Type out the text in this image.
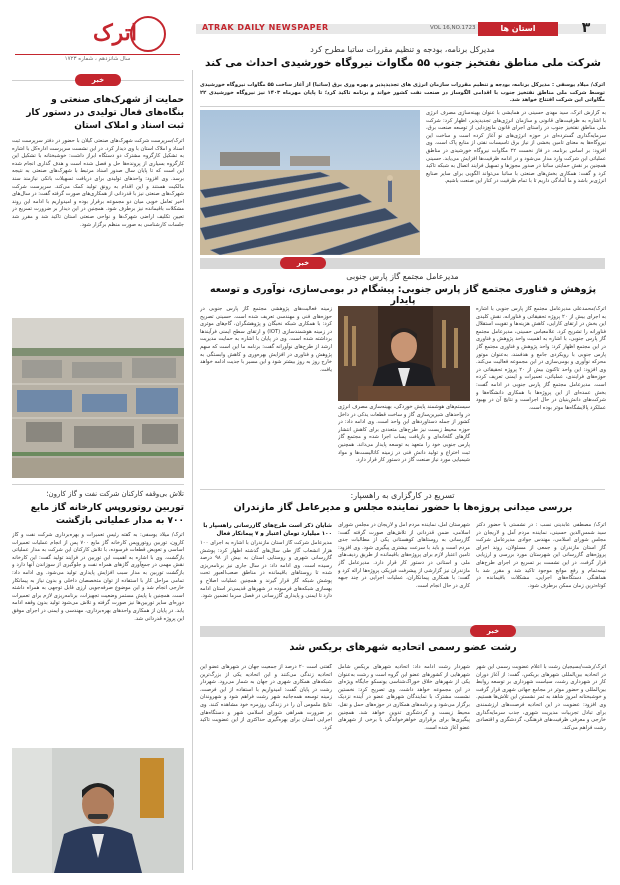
ATRAK DAILY NEWSPAPER	VOL 16,NO.1723	استان ها	۳
اترک
سال شانزدهم ، شماره ۱۷۲۳
مدیرکل برنامه، بودجه و تنظیم مقررات ساتبا مطرح کرد
شرکت ملی مناطق نفتخیز جنوب ۵۵ مگاوات نیروگاه خورشیدی احداث می کند
اترک/ میلاد یوسفی : مدیرکل برنامه، بودجه و تنظیم مقررات سازمان انرژی های تجدیدپذیر و بهره وری برق (ساتبا) از آغاز ساخت ۵۵ مگاوات نیروگاه خورشیدی توسط شرکت ملی مناطق نفتخیز جنوب با اقدامی الگوساز در صنعت نفت کشور خواند و برنامه تاکید کرد؛ تا پایان مهرماه ۱۴۰۳ نیز نیروگاه خورشیدی ۲۲ مگاواتی این شرکت افتتاح خواهد شد.
به گزارش اترک، سید مهدی حسینی در همایشی با عنوان بهینه‌سازی مصرف انرژی با اشاره به ظرفیت‌های قانونی و سازمان انرژی‌های تجدیدپذیر، اظهار کرد: شرکت ملی مناطق نفتخیز جنوب در راستای اجرای قانون مانع‌زدایی از توسعه صنعت برق، سرمایه‌گذاری گسترده‌ای در حوزه انرژی‌های نو آغاز کرده است و ساخت این نیروگاه‌ها به معنای تامین بخشی از نیاز برق تاسیسات نفتی از منابع پاک است. وی افزود: بر اساس برنامه، در فاز نخست ۲۲ مگاوات نیروگاه خورشیدی در مناطق عملیاتی این شرکت وارد مدار می‌شود و در ادامه ظرفیت‌ها افزایش می‌یابد. حسینی همچنین بر نقش حمایتی ساتبا در صدور مجوزها و تسهیل فرایند اتصال به شبکه تاکید کرد و گفت: همکاری بخش‌های صنعتی با ساتبا می‌تواند الگویی برای سایر صنایع انرژی‌بر باشد و ما آمادگی داریم تا با تمام ظرفیت در کنار این صنعت باشیم.
خبر
مدیرعامل مجتمع گاز پارس جنوبی
پژوهش و فناوری مجتمع گاز پارس جنوبی: پیشگام در بومی‌سازی، نوآوری و توسعه پایدار
اترک/محمدعلی مدیرعامل مجتمع گاز پارس جنوبی با اشاره به اجرای بیش از ۲۰ پروژه تحقیقاتی و فناورانه، نقش کلیدی این بخش در ارتقای کارایی، کاهش هزینه‌ها و تقویت استقلال فناورانه را تشریح کرد. علامعباس حسینی، مدیرعامل مجتمع گاز پارس جنوبی، با اشاره به اهمیت واحد پژوهش و فناوری در این مجتمع اظهار کرد: واحد پژوهش و فناوری مجتمع گاز پارس جنوبی با رویکردی جامع و هدفمند، به‌عنوان موتور محرکه نوآوری و بومی‌سازی در این مجموعه فعالیت می‌کند. وی افزود: این واحد تاکنون بیش از ۲۰ پروژه تحقیقاتی در حوزه‌های فرایندی، عملیاتی، تعمیرات و ایمنی تعریف کرده است. مدیرعامل مجتمع گاز پارس جنوبی در ادامه گفت: بخش عمده‌ای از این پروژه‌ها با همکاری دانشگاه‌ها و شرکت‌های دانش‌بنیان در حال اجراست و نتایج آن در بهبود عملکرد پالایشگاه‌ها موثر بوده است.
سیستم‌های هوشمند پایش خوردگی، بهینه‌سازی مصرف انرژی در واحدهای شیرین‌سازی گاز و ساخت قطعات یدکی در داخل کشور از جمله دستاوردهای این واحد است. وی ادامه داد: در حوزه محیط زیست نیز طرح‌های متعددی برای کاهش انتشار گازهای گلخانه‌ای و بازیافت پساب اجرا شده و مجتمع گاز پارس جنوبی خود را متعهد به توسعه پایدار می‌داند. همچنین ثبت اختراع و تولید دانش فنی در زمینه کاتالیست‌ها و مواد شیمیایی مورد نیاز صنعت گاز در دستور کار قرار دارد.
زمینه فعالیت‌های پژوهشی مجتمع گاز پارس جنوبی در حوزه‌های فنی و مهندسی تعریف شده است. حسینی تصریح کرد: با همکاری شبکه نخبگان و پژوهشگران، گام‌های موثری در زمینه هوشمندسازی (IOT) و ارتقای سطح ایمنی فرآیندها برداشته شده است. وی در پایان با اشاره به حمایت مدیریت ارشد از طرح‌های نوآورانه گفت: برنامه ما این است که سهم پژوهش و فناوری در افزایش بهره‌وری و کاهش وابستگی به خارج روز به روز بیشتر شود و این مسیر با جدیت ادامه خواهد یافت.
تسریع در کارگزاری به راهسپار:
بررسی میدانی پروژه‌ها با حضور نماینده مجلس و مدیرعامل گاز مازندران
اترک/ مصطفی عابدینی نسب : در نشستی با حضور دکتر سید شمس‌الدین حسینی، نماینده مردم آمل و لاریجان در مجلس شورای اسلامی، مهندس جوادی مدیرعامل شرکت گاز استان مازندران و جمعی از مسئولان، روند اجرای پروژه‌های گازرسانی این شهرستان مورد بررسی و ارزیابی قرار گرفت. در این نشست بر تسریع در اجرای طرح‌های نیمه‌تمام و رفع موانع موجود تاکید شد و مقرر شد با هماهنگی دستگاه‌های اجرایی، مشکلات باقیمانده در کوتاه‌ترین زمان ممکن برطرف شود.
شهرستان آمل، نماینده مردم آمل و لاریجان در مجلس شورای اسلامی، ضمن قدردانی از تلاش‌های صورت گرفته گفت: گازرسانی به روستاهای کوهستانی یکی از مطالبات جدی مردم است و باید با سرعت بیشتری پیگیری شود. وی افزود: تامین اعتبار لازم برای پروژه‌های باقیمانده از طریق ردیف‌های ملی و استانی در دستور کار قرار دارد. مدیرعامل گاز مازندران نیز گزارشی از پیشرفت فیزیکی پروژه‌ها ارائه کرد و گفت: با همکاری پیمانکاران، عملیات اجرایی در چند جبهه کاری در حال انجام است.
شایان ذکر است طرح‌های گازرسانی راهسپار با ۱۰۰ میلیارد تومان اعتبار و ۷ پیمانکار فعال
مدیرعامل شرکت گاز استان مازندران با اشاره به اجرای ۱۰۰ هزار انشعاب گاز طی سال‌های گذشته اظهار کرد: پوشش گازرسانی شهری و روستایی استان به بیش از ۹۸ درصد رسیده است. وی ادامه داد: در سال جاری نیز برنامه‌ریزی شده تا روستاهای باقیمانده در مناطق صعب‌العبور تحت پوشش شبکه گاز قرار گیرند و همچنین عملیات اصلاح و بهسازی شبکه‌های فرسوده در شهرهای قدیمی‌تر استان ادامه دارد تا ایمنی و پایداری گازرسانی در فصل سرما تضمین شود.
خبر
رشت عضو رسمی اتحادیه شهرهای بریکس شد
اترک/رشت/بسیجیان رشت با اعلام عضویت رسمی این شهر در اتحادیه بین‌المللی شهرهای بریکس، گفت: از آغاز دوران کار در شهرداری رشت، سیاست شهرداری بر توسعه روابط بین‌المللی و حضور موثر در مجامع جهانی شهری قرار گرفت و خوشبختانه امروز شاهد به ثمر نشستن این تلاش‌ها هستیم. وی افزود: عضویت در این اتحادیه فرصت‌های ارزشمندی برای تبادل تجربیات مدیریت شهری، جذب سرمایه‌گذاری خارجی و معرفی ظرفیت‌های فرهنگی، گردشگری و اقتصادی رشت فراهم می‌کند.
شهردار رشت ادامه داد: اتحادیه شهرهای بریکس شامل شهرهایی از کشورهای عضو این گروه است و رشت به‌عنوان یکی از شهرهای خلاق خوراک‌شناسی یونسکو جایگاه ویژه‌ای در این مجموعه خواهد داشت. وی تصریح کرد: نخستین نشست مشترک با نمایندگان شهرهای عضو در آینده نزدیک برگزار می‌شود و برنامه‌های همکاری در حوزه‌های حمل و نقل، محیط زیست و گردشگری تدوین خواهد شد. همچنین پیگیری‌ها برای برقراری خواهرخواندگی با برخی از شهرهای عضو آغاز شده است.
گفتنی است ۲۰ درصد از جمعیت جهان در شهرهای عضو این اتحادیه زندگی می‌کنند و این اتحادیه یکی از بزرگ‌ترین شبکه‌های همکاری شهری در جهان به شمار می‌رود. شهردار رشت در پایان گفت: امیدواریم با استفاده از این فرصت، زمینه توسعه همه‌جانبه شهر رشت فراهم شود و شهروندان نتایج ملموس آن را در زندگی روزمره خود مشاهده کنند. وی بر ضرورت همراهی شورای اسلامی شهر و دستگاه‌های اجرایی استان برای بهره‌گیری حداکثری از این عضویت تاکید کرد.
خبر
حمایت از شهرک‌های صنعتی و بنگاه‌های فعال تولیدی در دستور کار ثبت اسناد و املاک استان
اترک/سرپرست شرکت شهرک‌های صنعتی گیلان با حضور در دفتر سرپرست ثبت اسناد و املاک استان با وی دیدار کرد. در این نشست سرپرست اداره‌کل با اشاره به تشکیل کارگروه مشترک دو دستگاه ابراز داشت: خوشبختانه با تشکیل این کارگروه بسیاری از پرونده‌ها حل و فصل شده است و هدف گذاری انجام شده این است که تا پایان سال صدور اسناد مرتبط با شهرک‌های صنعتی به نتیجه برسد. وی افزود: واحدهای تولیدی برای دریافت تسهیلات بانکی نیازمند سند مالکیت هستند و این اقدام به رونق تولید کمک می‌کند. سرپرست شرکت شهرک‌های صنعتی نیز با قدردانی از همکاری‌های صورت گرفته گفت: در سال‌های اخیر تعامل خوبی میان دو مجموعه برقرار بوده و امیدواریم با ادامه این روند مشکلات باقیمانده نیز برطرف شود. همچنین در این دیدار بر ضرورت تسریع در تعیین تکلیف اراضی شهرک‌ها و نواحی صنعتی استان تاکید شد و مقرر شد جلسات کارشناسی به صورت منظم برگزار شود.
تلاش بی‌وقفه کارکنان شرکت نفت و گاز کارون؛
توربین روتوروپس کارخانه گاز مایع ۷۰۰ به مدار عملیاتی بازگشت
اترک/ میلاد یوسفی: به گفته رئیس تعمیرات و بهره‌برداری شرکت نفت و گاز کارون، توربین روتوروپس کارخانه گاز مایع ۷۰۰ پس از انجام عملیات تعمیرات اساسی و تعویض قطعات فرسوده، با تلاش کارکنان این شرکت به مدار عملیاتی بازگشت. وی با اشاره به اهمیت این توربین در فرایند تولید گفت: این کارخانه نقش مهمی در جمع‌آوری گازهای همراه نفت و جلوگیری از سوزاندن آنها دارد و بازگشت توربین به مدار سبب افزایش پایداری تولید می‌شود. وی ادامه داد: تمامی مراحل کار با استفاده از توان متخصصان داخلی و بدون نیاز به پیمانکار خارجی انجام شد و این موضوع صرفه‌جویی ارزی قابل توجهی به همراه داشته است. همچنین با پایش مستمر وضعیت تجهیزات، برنامه‌ریزی لازم برای تعمیرات دوره‌ای سایر توربین‌ها نیز صورت گرفته و تلاش می‌شود تولید بدون وقفه ادامه یابد. در پایان از همکاری واحدهای بهره‌برداری، مهندسی و ایمنی در اجرای موفق این پروژه قدردانی شد.
